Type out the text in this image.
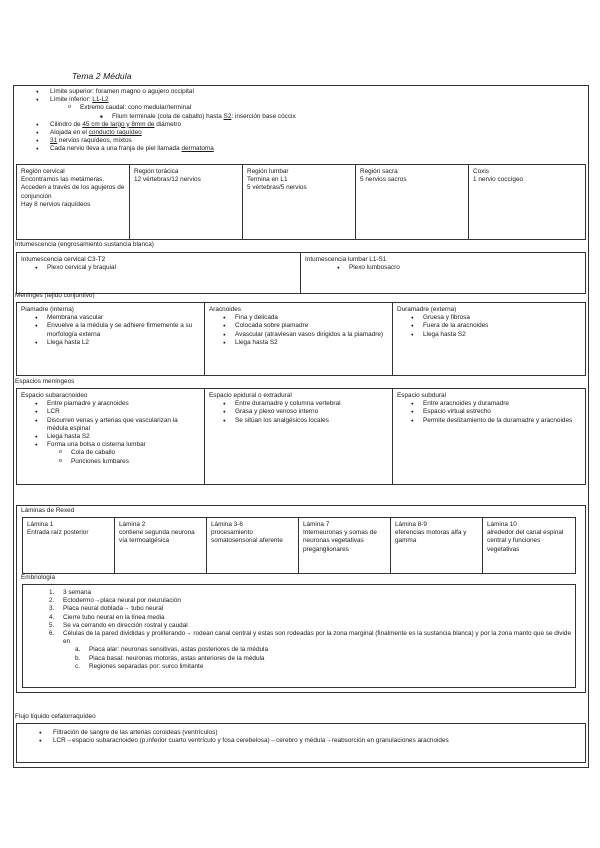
Tema 2 Médula
● Límite superior: foramen magno o agujero occipital
● Límite inferior: L1-L2
o Extremo caudal: cono medular/terminal
■ Filum terminale (cola de caballo) hasta S2: inserción base cóccix
● Cilindro de 45 cm de largo y 8mm de diámetro
● Alojada en el conducto raquídeo
● 31 nervios raquídeos, mixtos
● Cada nervio lleva a una franja de piel llamada dermatoma
Región cervical
Encontramos las metámeras. Acceden a través de los agujeros de conjunción
Hay 8 nervios raquídeos
Región torácica
12 vértebras/12 nervios
Región lumbar
Termina en L1
5 vértebras/5 nervios
Región sacra
5 nervios sacros
Coxis
1 nervio coccígeo
Intumescencia (engrosamiento sustancia blanca)
Intumescencia cervical C3-T2
● Plexo cervical y braquial
Intumescencia lumbar L1-S1
● Plexo lumbosacro
Meninges (tejido conjuntivo)
Piamadre (interna)
● Membrana vascular
● Envuelve a la médula y se adhiere firmemente a su morfología externa
● Llega hasta L2
Aracnoides
● Fina y delicada
● Colocada sobre piamadre
● Avascular (atraviesan vasos dirigidos a la piamadre)
● Llega hasta S2
Duramadre (externa)
● Gruesa y fibrosa
● Fuera de la aracnoides
● Llega hasta S2
Espacios meníngeos
Espacio subaracnoideo
● Entre piamadre y aracnoides
● LCR
● Discurren venas y arterias que vascularizan la médula espinal
● Llega hasta S2
● Forma una bolsa o cisterna lumbar
o Cola de caballo
o Punciones lumbares
Espacio epidural o extradural
● Entre duramadre y columna vertebral
● Grasa y plexo venoso interno
● Se sitúan los analgésicos locales
Espacio subdural
● Entre aracnoides y duramadre
● Espacio virtual estrecho
● Permite deslizamiento de la duramadre y aracnoides
Láminas de Rexed
Lámina 1
Entrada raíz posterior
Lámina 2
contiene segunda neurona vía termoalgésica
Lámina 3-6
procesamiento somatosensorial aferente
Lámina 7
Interneuronas y somas de neuronas vegetativas preganglionares
Lámina 8-9
eferencias motoras alfa y gamma
Lámina 10
alrededor del canal espinal central y funciones vegetativas
Embriología
1. 3 semana
2. Ectodermo→placa neural por neurulación
3. Placa neural doblada→ tubo neural
4. Cierre tubo neural en la línea media
5. Se va cerrando en dirección rostral y caudal
6. Células de la pared divididas y proliferando→ rodean canal central y estas son rodeadas por la zona marginal (finalmente es la sustancia blanca) y por la zona manto que se divide en
a. Placa alar: neuronas sensitivas, astas posteriores de la médula
b. Placa basal: neuronas motoras, astas anteriores de la médula
c. Regiones separadas por: surco limitante
Flujo líquido cefalorraquídeo
● Filtración de sangre de las arterias coroideas (ventrículos)
● LCR→espacio subaracnoideo (p.inferior cuarto ventrículo y fosa cerebelosa)→cerebro y médula→reabsorción en granulaciones aracnoides
